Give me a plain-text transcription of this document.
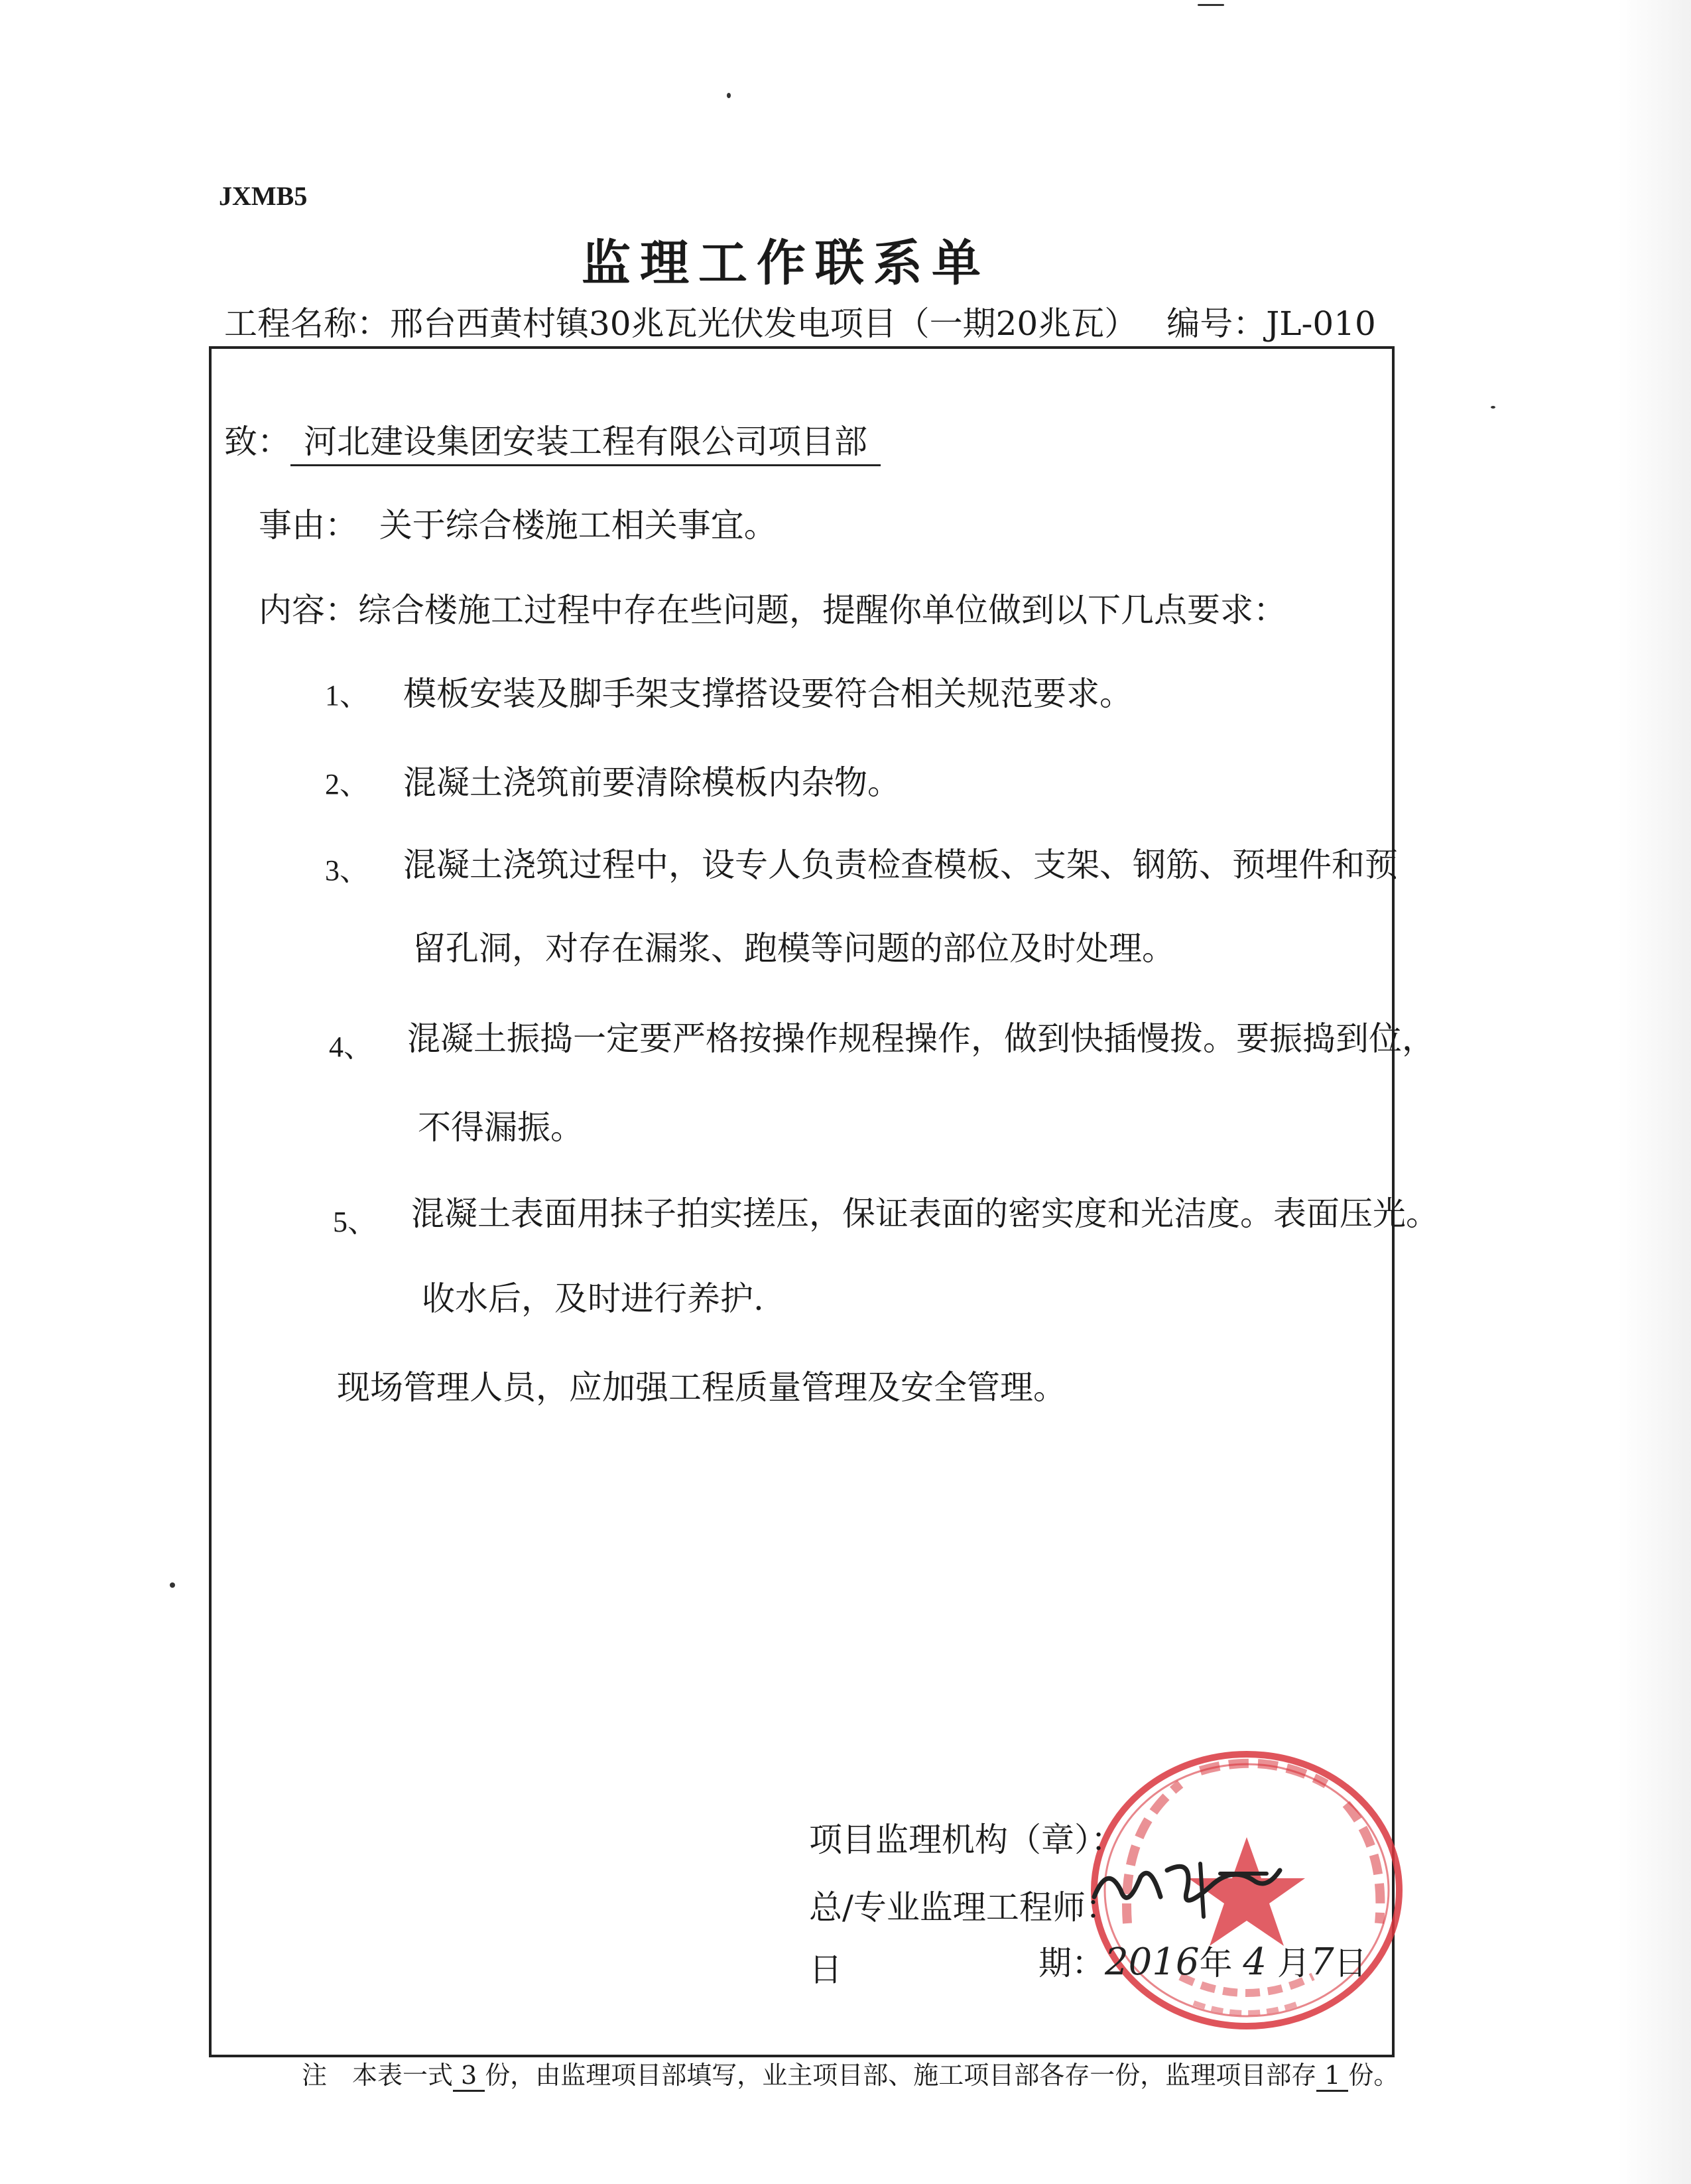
JXMB5
监理工作联系单
工程名称：邢台西黄村镇30兆瓦光伏发电项目（一期20兆瓦） 编号：JL-010
致： 河北建设集团安装工程有限公司项目部
事由： 关于综合楼施工相关事宜。
内容：综合楼施工过程中存在些问题，提醒你单位做到以下几点要求：
1、 模板安装及脚手架支撑搭设要符合相关规范要求。
2、 混凝土浇筑前要清除模板内杂物。
3、 混凝土浇筑过程中，设专人负责检查模板、支架、钢筋、预埋件和预
留孔洞，对存在漏浆、跑模等问题的部位及时处理。
4、 混凝土振捣一定要严格按操作规程操作，做到快插慢拨。要振捣到位，
不得漏振。
5、 混凝土表面用抹子拍实搓压，保证表面的密实度和光洁度。表面压光。
收水后，及时进行养护.
现场管理人员，应加强工程质量管理及安全管理。
项目监理机构（章）：
总/专业监理工程师：
日	期：2016年 4 月7日
注　本表一式 3 份，由监理项目部填写，业主项目部、施工项目部各存一份，监理项目部存 1 份。
